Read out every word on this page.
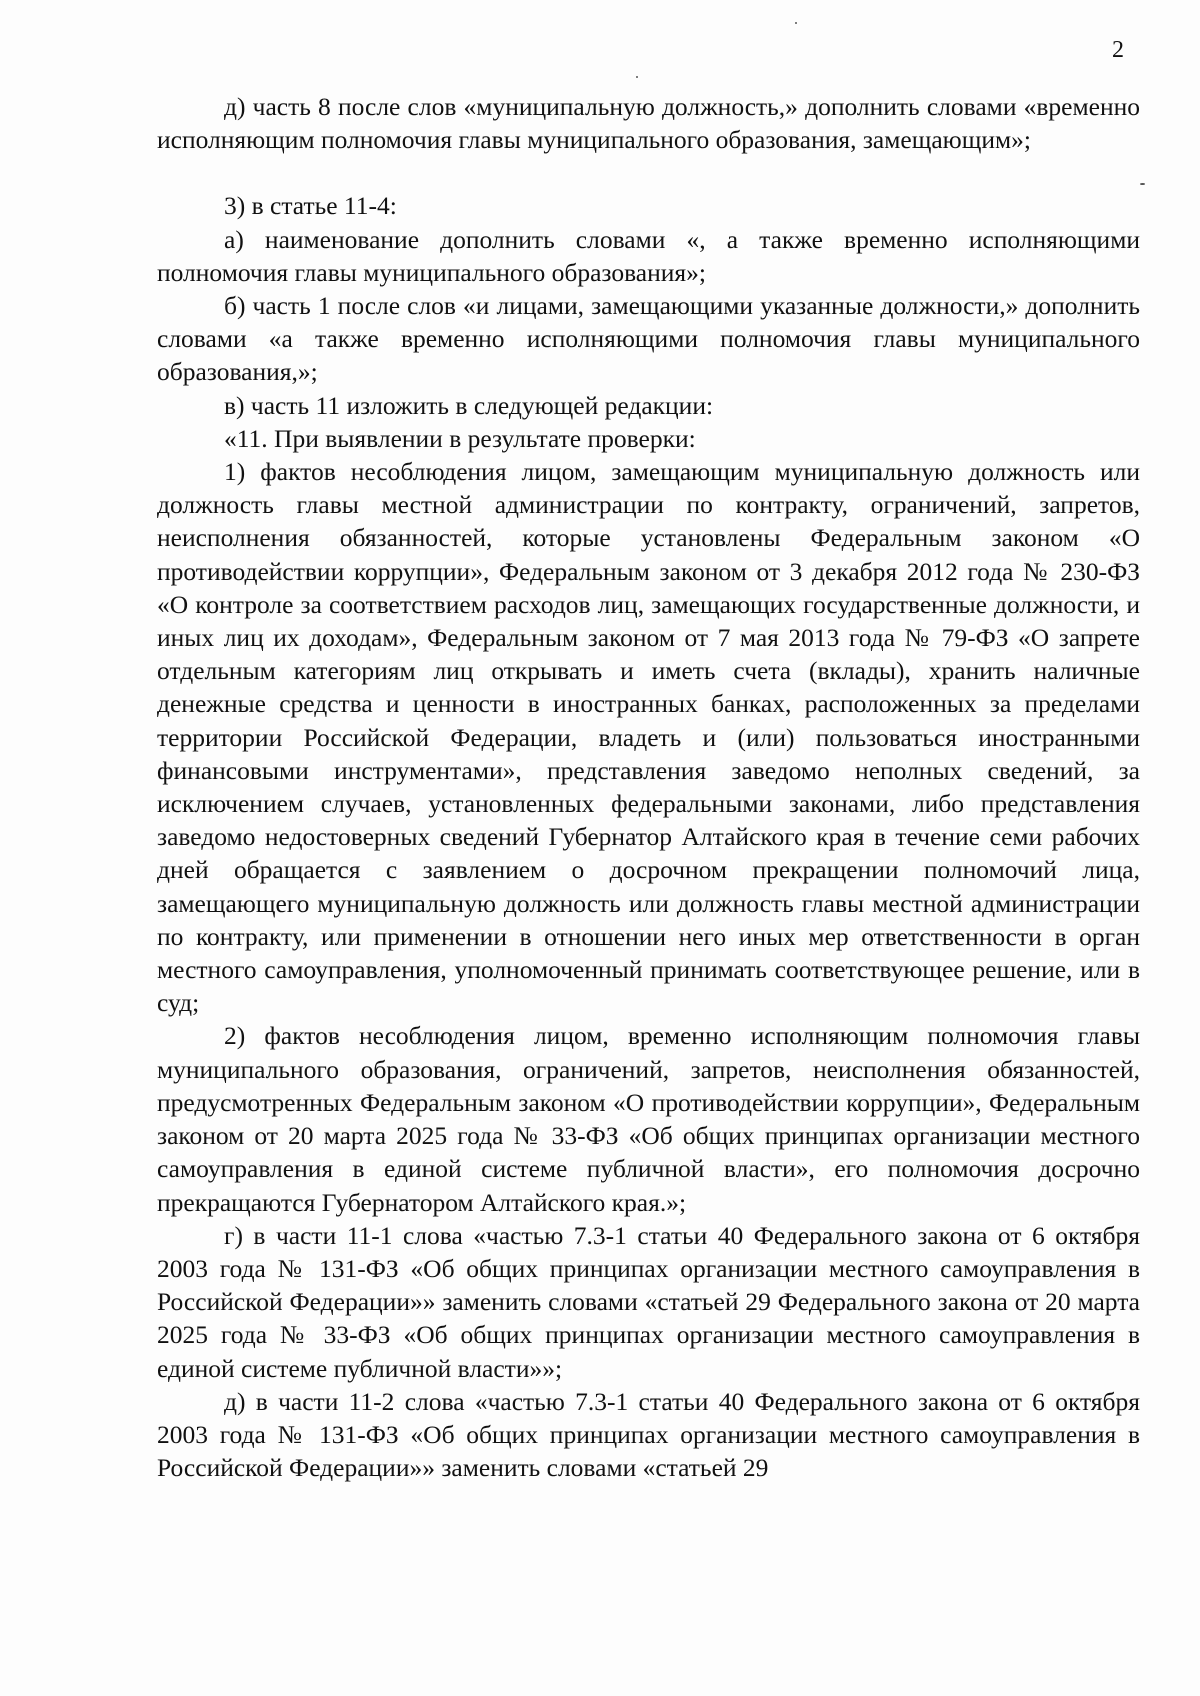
2

д) часть 8 после слов «муниципальную должность,» дополнить словами «временно исполняющим полномочия главы муниципального образования, замещающим»;

3) в статье 11-4:

а) наименование дополнить словами «, а также временно исполняющими полномочия главы муниципального образования»;

б) часть 1 после слов «и лицами, замещающими указанные должности,» дополнить словами «а также временно исполняющими полномочия главы муниципального образования,»;

в) часть 11 изложить в следующей редакции:

«11. При выявлении в результате проверки:

1) фактов несоблюдения лицом, замещающим муниципальную должность или должность главы местной администрации по контракту, ограничений, запретов, неисполнения обязанностей, которые установлены Федеральным законом «О противодействии коррупции», Федеральным законом от 3 декабря 2012 года № 230-ФЗ «О контроле за соответствием расходов лиц, замещающих государственные должности, и иных лиц их доходам», Федеральным законом от 7 мая 2013 года № 79-ФЗ «О запрете отдельным категориям лиц открывать и иметь счета (вклады), хранить наличные денежные средства и ценности в иностранных банках, расположенных за пределами территории Российской Федерации, владеть и (или) пользоваться иностранными финансовыми инструментами», представления заведомо неполных сведений, за исключением случаев, установленных федеральными законами, либо представления заведомо недостоверных сведений Губернатор Алтайского края в течение семи рабочих дней обращается с заявлением о досрочном прекращении полномочий лица, замещающего муниципальную должность или должность главы местной администрации по контракту, или применении в отношении него иных мер ответственности в орган местного самоуправления, уполномоченный принимать соответствующее решение, или в суд;

2) фактов несоблюдения лицом, временно исполняющим полномочия главы муниципального образования, ограничений, запретов, неисполнения обязанностей, предусмотренных Федеральным законом «О противодействии коррупции», Федеральным законом от 20 марта 2025 года № 33-ФЗ «Об общих принципах организации местного самоуправления в единой системе публичной власти», его полномочия досрочно прекращаются Губернатором Алтайского края.»;

г) в части 11-1 слова «частью 7.3-1 статьи 40 Федерального закона от 6 октября 2003 года № 131-ФЗ «Об общих принципах организации местного самоуправления в Российской Федерации»» заменить словами «статьей 29 Федерального закона от 20 марта 2025 года № 33-ФЗ «Об общих принципах организации местного самоуправления в единой системе публичной власти»»;

д) в части 11-2 слова «частью 7.3-1 статьи 40 Федерального закона от 6 октября 2003 года № 131-ФЗ «Об общих принципах организации местного самоуправления в Российской Федерации»» заменить словами «статьей 29
